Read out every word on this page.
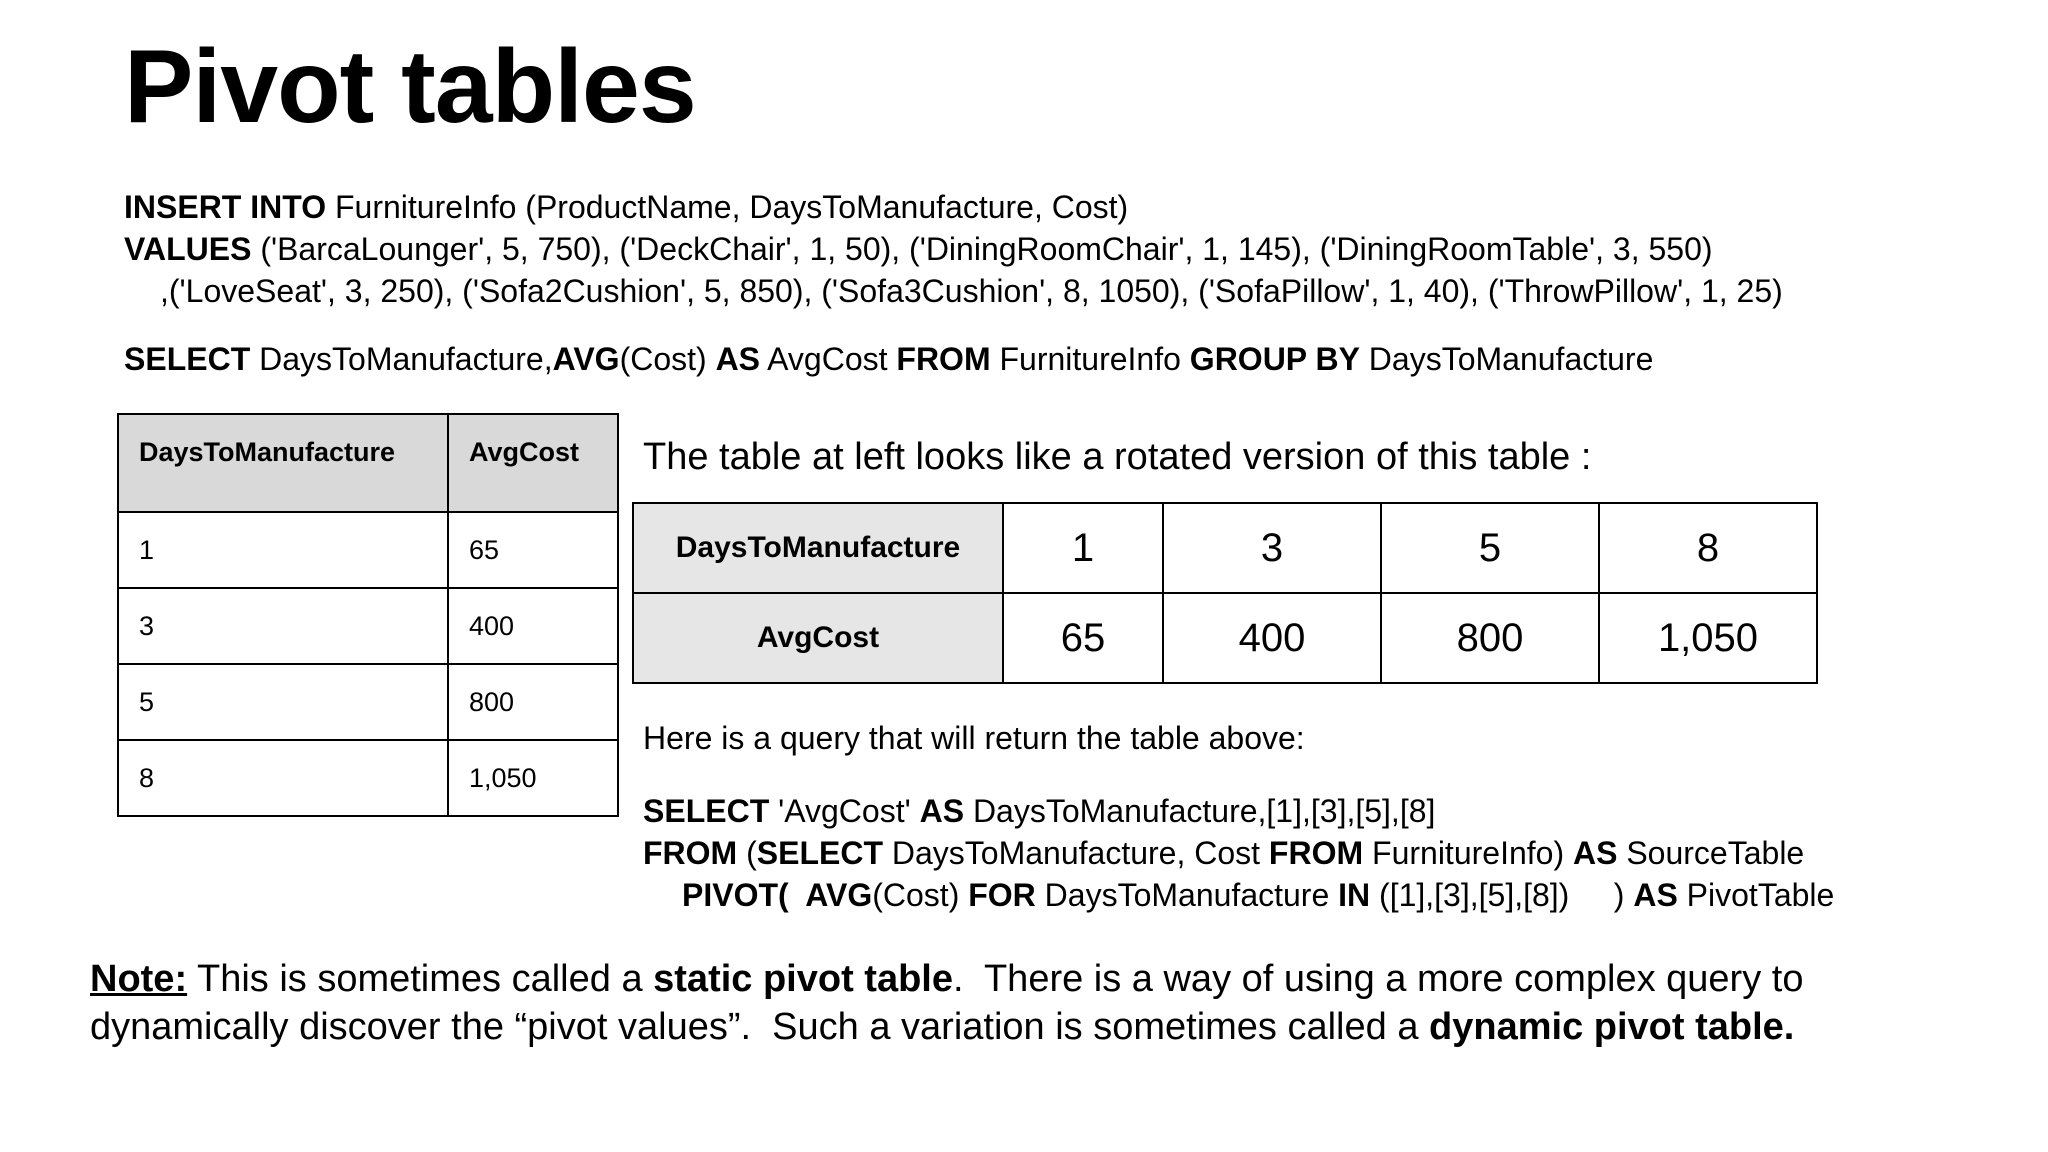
Pivot tables
INSERT INTO FurnitureInfo (ProductName, DaysToManufacture, Cost)
VALUES ('BarcaLounger', 5, 750), ('DeckChair', 1, 50), ('DiningRoomChair', 1, 145), ('DiningRoomTable', 3, 550)
,('LoveSeat', 3, 250), ('Sofa2Cushion', 5, 850), ('Sofa3Cushion', 8, 1050), ('SofaPillow', 1, 40), ('ThrowPillow', 1, 25)
SELECT DaysToManufacture,AVG(Cost) AS AvgCost FROM FurnitureInfo GROUP BY DaysToManufacture
DaysToManufacture	AvgCost
1	65
3	400
5	800
8	1,050
The table at left looks like a rotated version of this table :
DaysToManufacture	1	3	5	8
AvgCost	65	400	800	1,050
Here is a query that will return the table above:
SELECT 'AvgCost' AS DaysToManufacture,[1],[3],[5],[8]
FROM (SELECT DaysToManufacture, Cost FROM FurnitureInfo) AS SourceTable
PIVOT(  AVG(Cost) FOR DaysToManufacture IN ([1],[3],[5],[8])     ) AS PivotTable
Note: This is sometimes called a static pivot table.  There is a way of using a more complex query to
dynamically discover the “pivot values”.  Such a variation is sometimes called a dynamic pivot table.
